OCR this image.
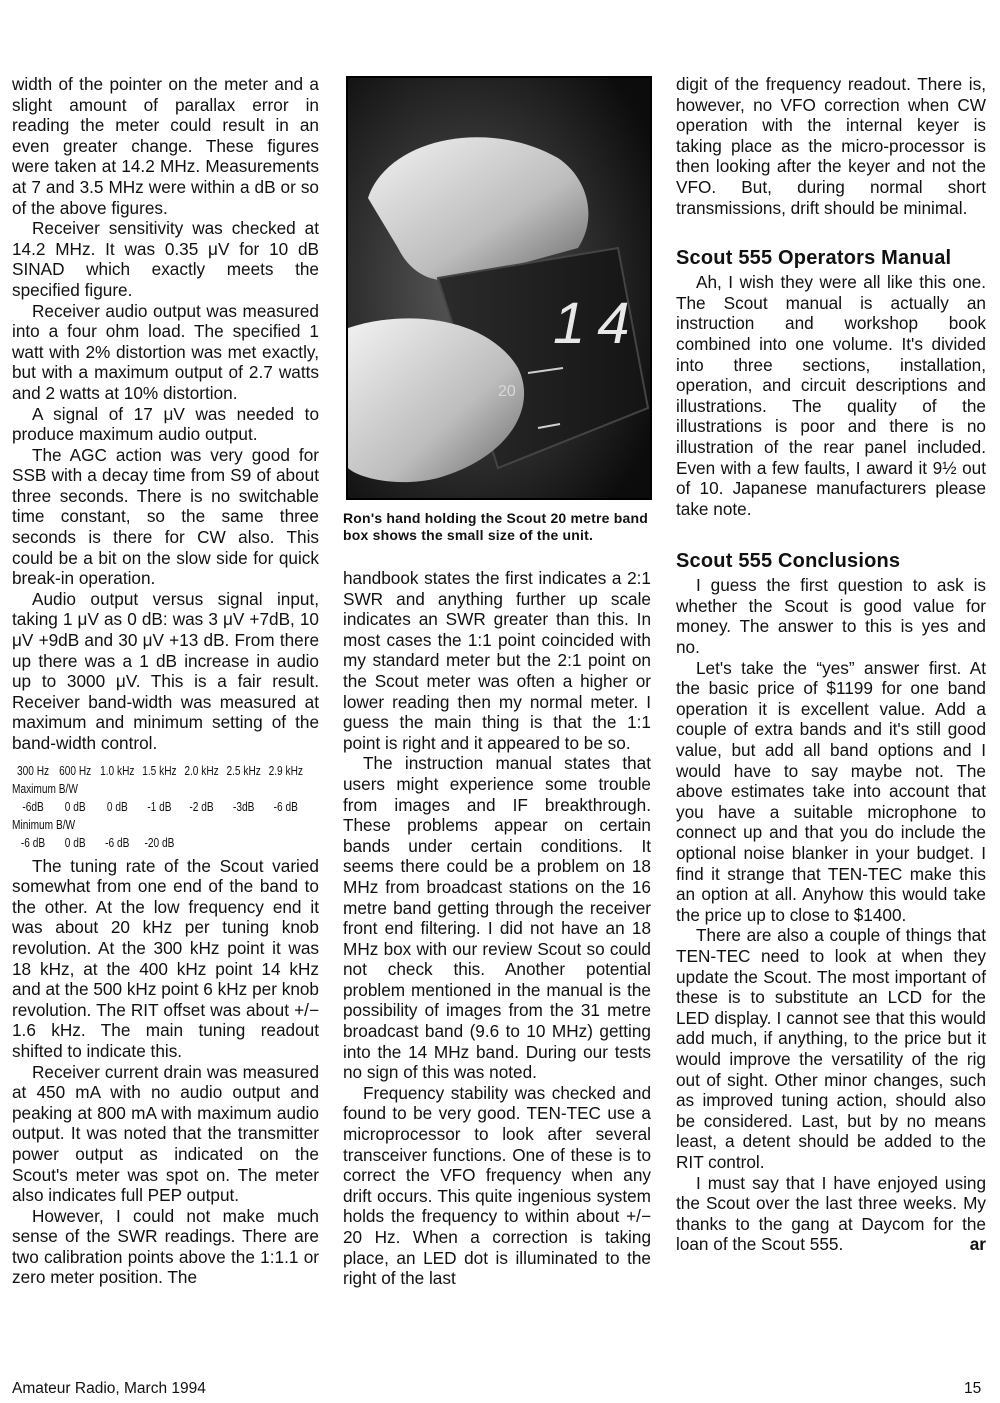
width of the pointer on the meter and a slight amount of parallax error in reading the meter could result in an even greater change. These figures were taken at 14.2 MHz. Measurements at 7 and 3.5 MHz were within a dB or so of the above figures.

Receiver sensitivity was checked at 14.2 MHz. It was 0.35 μV for 10 dB SINAD which exactly meets the specified figure.

Receiver audio output was measured into a four ohm load. The specified 1 watt with 2% distortion was met exactly, but with a maximum output of 2.7 watts and 2 watts at 10% distortion.

A signal of 17 μV was needed to produce maximum audio output.

The AGC action was very good for SSB with a decay time from S9 of about three seconds. There is no switchable time constant, so the same three seconds is there for CW also. This could be a bit on the slow side for quick break-in operation.

Audio output versus signal input, taking 1 μV as 0 dB: was 3 μV +7dB, 10 μV +9dB and 30 μV +13 dB. From there up there was a 1 dB increase in audio up to 3000 μV. This is a fair result. Receiver band-width was measured at maximum and minimum setting of the band-width control.

300 Hz 600 Hz 1.0 kHz 1.5 kHz 2.0 kHz 2.5 kHz 2.9 kHz
Maximum B/W
-6dB	0 dB	0 dB	-1 dB	-2 dB	-3dB	-6 dB
Minimum B/W
-6 dB	0 dB	-6 dB	-20 dB

The tuning rate of the Scout varied somewhat from one end of the band to the other. At the low frequency end it was about 20 kHz per tuning knob revolution. At the 300 kHz point it was 18 kHz, at the 400 kHz point 14 kHz and at the 500 kHz point 6 kHz per knob revolution. The RIT offset was about +/− 1.6 kHz. The main tuning readout shifted to indicate this.

Receiver current drain was measured at 450 mA with no audio output and peaking at 800 mA with maximum audio output. It was noted that the transmitter power output as indicated on the Scout's meter was spot on. The meter also indicates full PEP output.

However, I could not make much sense of the SWR readings. There are two calibration points above the 1:1.1 or zero meter position. The

14
20
Ron's hand holding the Scout 20 metre band box shows the small size of the unit.

handbook states the first indicates a 2:1 SWR and anything further up scale indicates an SWR greater than this. In most cases the 1:1 point coincided with my standard meter but the 2:1 point on the Scout meter was often a higher or lower reading then my normal meter. I guess the main thing is that the 1:1 point is right and it appeared to be so.

The instruction manual states that users might experience some trouble from images and IF breakthrough. These problems appear on certain bands under certain conditions. It seems there could be a problem on 18 MHz from broadcast stations on the 16 metre band getting through the receiver front end filtering. I did not have an 18 MHz box with our review Scout so could not check this. Another potential problem mentioned in the manual is the possibility of images from the 31 metre broadcast band (9.6 to 10 MHz) getting into the 14 MHz band. During our tests no sign of this was noted.

Frequency stability was checked and found to be very good. TEN-TEC use a microprocessor to look after several transceiver functions. One of these is to correct the VFO frequency when any drift occurs. This quite ingenious system holds the frequency to within about +/− 20 Hz. When a correction is taking place, an LED dot is illuminated to the right of the last

digit of the frequency readout. There is, however, no VFO correction when CW operation with the internal keyer is taking place as the micro-processor is then looking after the keyer and not the VFO. But, during normal short transmissions, drift should be minimal.

Scout 555 Operators Manual

Ah, I wish they were all like this one. The Scout manual is actually an instruction and workshop book combined into one volume. It's divided into three sections, installation, operation, and circuit descriptions and illustrations. The quality of the illustrations is poor and there is no illustration of the rear panel included. Even with a few faults, I award it 9½ out of 10. Japanese manufacturers please take note.

Scout 555 Conclusions

I guess the first question to ask is whether the Scout is good value for money. The answer to this is yes and no.

Let's take the “yes” answer first. At the basic price of $1199 for one band operation it is excellent value. Add a couple of extra bands and it's still good value, but add all band options and I would have to say maybe not. The above estimates take into account that you have a suitable microphone to connect up and that you do include the optional noise blanker in your budget. I find it strange that TEN-TEC make this an option at all. Anyhow this would take the price up to close to $1400.

There are also a couple of things that TEN-TEC need to look at when they update the Scout. The most important of these is to substitute an LCD for the LED display. I cannot see that this would add much, if anything, to the price but it would improve the versatility of the rig out of sight. Other minor changes, such as improved tuning action, should also be considered. Last, but by no means least, a detent should be added to the RIT control.

I must say that I have enjoyed using the Scout over the last three weeks. My thanks to the gang at Daycom for the loan of the Scout 555.	ar

Amateur Radio, March 1994	15
